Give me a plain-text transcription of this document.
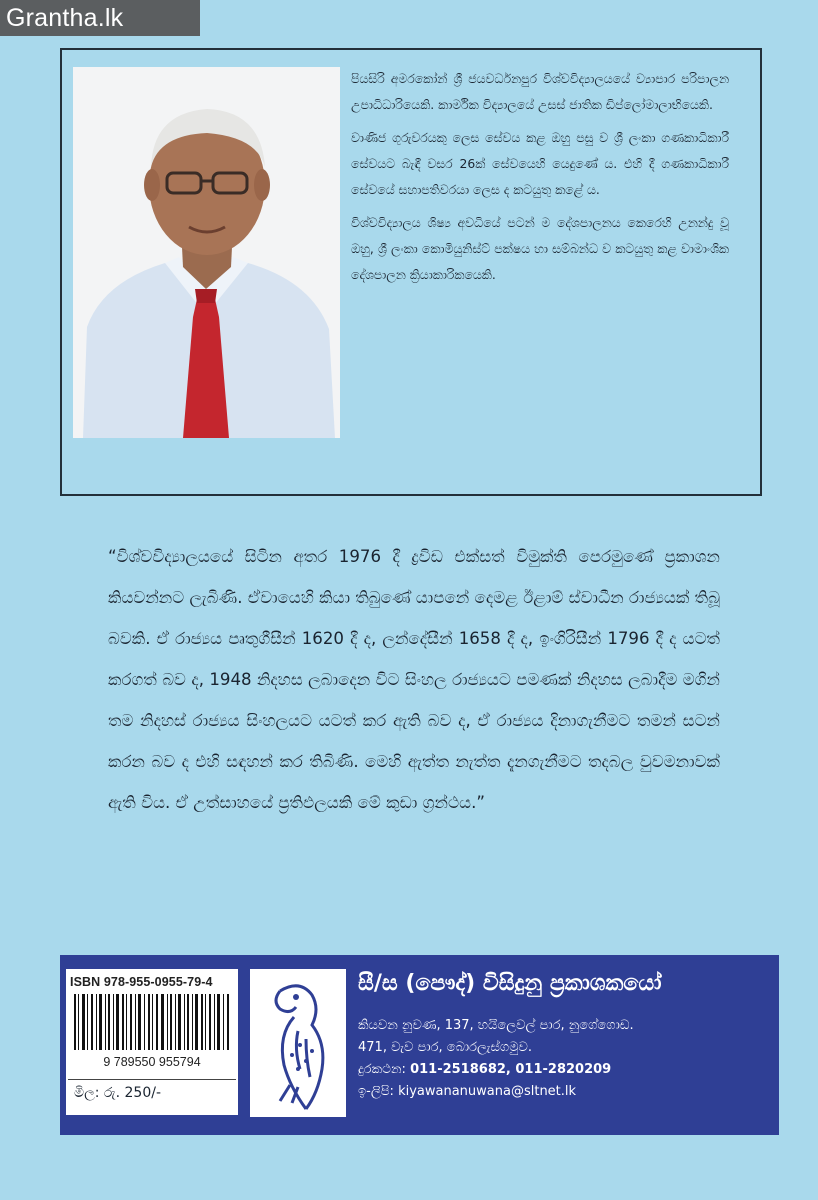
Grantha.lk

පියසිරි අමරකෝන් ශ්‍රී ජයවර්ධනපුර විශ්වවිද්‍යාලයයේ ව්‍යාපාර පරිපාලන උපාධිධාරියෙකි. කාර්මික විද්‍යාලයේ උසස් ජාතික ඩිප්ලෝමාලාභියෙකි.

වාණිජ ගුරුවරයකු ලෙස සේවය කළ ඔහු පසු ව ශ්‍රී ලංකා ගණකාධිකාරී සේවයට බැඳී වසර 26ක් සේවයෙහි යෙදුණේ ය. එහි දී ගණකාධිකාරී සේවයේ සහාපතිවරයා ලෙස ද කටයුතු කළේ ය.

විශ්වවිද්‍යාලය ශිෂ්‍ය අවධියේ පටන් ම දේශපාලනය කෙරෙහි උනන්දු වූ ඔහු, ශ්‍රී ලංකා කොමියුනිස්ට් පක්ෂය හා සම්බන්ධ ව කටයුතු කළ වාමාංශික දේශපාලන ක්‍රියාකාරිකයෙකි.

“විශ්වවිද්‍යාලයයේ සිටින අතර 1976 දී ද්‍රවිඩ එක්සත් විමුක්ති පෙරමුණේ ප්‍රකාශන කියවන්නට ලැබිණි. ඒවායෙහි කියා තිබුණේ යාපනේ දෙමළ ඊළාම් ස්වාධීන රාජ්‍යයක් තිබූ බවකි. ඒ රාජ්‍යය පෘතුගීසීන් 1620 දී ද, ලන්දේසීන් 1658 දී ද, ඉංගිරිසීන් 1796 දී ද යටත් කරගත් බව ද, 1948 නිදහස ලබාදෙන විට සිංහල රාජ්‍යයට පමණක් නිදහස ලබාදීම මගින් තම නිදහස් රාජ්‍යය සිංහලයට යටත් කර ඇති බව ද, ඒ රාජ්‍යය දිනාගැනීමට තමන් සටන් කරන බව ද එහි සඳහන් කර තිබිණි. මෙහි ඇත්ත නැත්ත දැනගැනීමට තදබල වුවමනාවක් ඇති විය. ඒ උත්සාහයේ ප්‍රතිඵලයකි මේ කුඩා ග්‍රන්ථය.”
ISBN 978-955-0955-79-4
9 789550 955794
මිල: රු. 250/-
සී/ස (පෞද්) විසිදුනු ප්‍රකාශකයෝ
කියවන නුවණ, 137, හයිලෙවල් පාර, නුගේගොඩ.
471, වැව පාර, බොරලැස්ගමුව.
දුරකථන: 011-2518682, 011-2820209
ඉ-ලිපි: kiyawananuwana@sltnet.lk
